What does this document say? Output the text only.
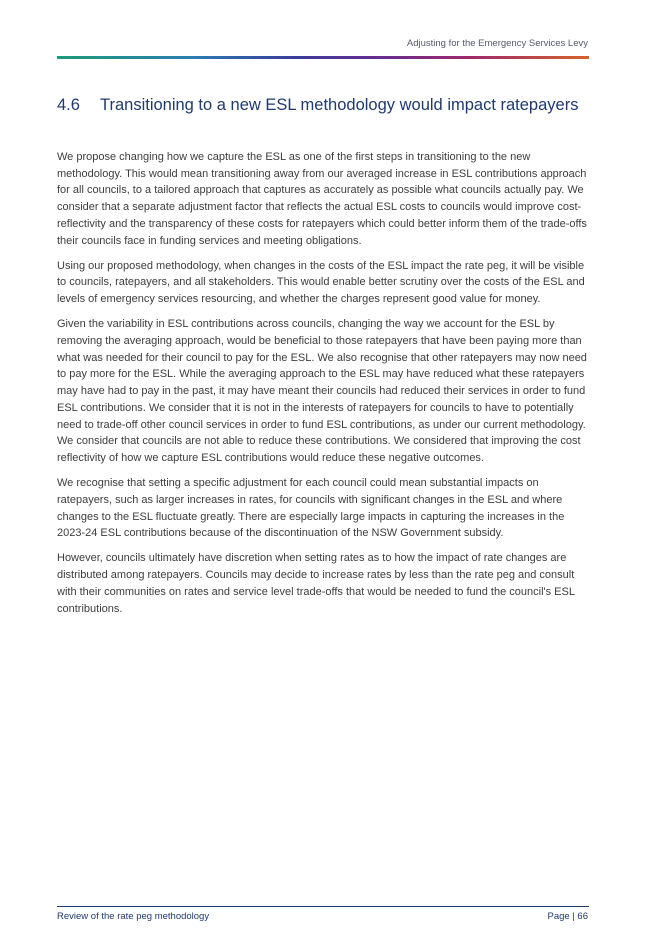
Adjusting for the Emergency Services Levy
4.6	Transitioning to a new ESL methodology would impact ratepayers

We propose changing how we capture the ESL as one of the first steps in transitioning to the new methodology. This would mean transitioning away from our averaged increase in ESL contributions approach for all councils, to a tailored approach that captures as accurately as possible what councils actually pay. We consider that a separate adjustment factor that reflects the actual ESL costs to councils would improve cost-reflectivity and the transparency of these costs for ratepayers which could better inform them of the trade-offs their councils face in funding services and meeting obligations.

Using our proposed methodology, when changes in the costs of the ESL impact the rate peg, it will be visible to councils, ratepayers, and all stakeholders. This would enable better scrutiny over the costs of the ESL and levels of emergency services resourcing, and whether the charges represent good value for money.

Given the variability in ESL contributions across councils, changing the way we account for the ESL by removing the averaging approach, would be beneficial to those ratepayers that have been paying more than what was needed for their council to pay for the ESL. We also recognise that other ratepayers may now need to pay more for the ESL. While the averaging approach to the ESL may have reduced what these ratepayers may have had to pay in the past, it may have meant their councils had reduced their services in order to fund ESL contributions. We consider that it is not in the interests of ratepayers for councils to have to potentially need to trade-off other council services in order to fund ESL contributions, as under our current methodology. We consider that councils are not able to reduce these contributions. We considered that improving the cost reflectivity of how we capture ESL contributions would reduce these negative outcomes.

We recognise that setting a specific adjustment for each council could mean substantial impacts on ratepayers, such as larger increases in rates, for councils with significant changes in the ESL and where changes to the ESL fluctuate greatly. There are especially large impacts in capturing the increases in the 2023-24 ESL contributions because of the discontinuation of the NSW Government subsidy.

However, councils ultimately have discretion when setting rates as to how the impact of rate changes are distributed among ratepayers. Councils may decide to increase rates by less than the rate peg and consult with their communities on rates and service level trade-offs that would be needed to fund the council's ESL contributions.

Review of the rate peg methodology	Page | 66
